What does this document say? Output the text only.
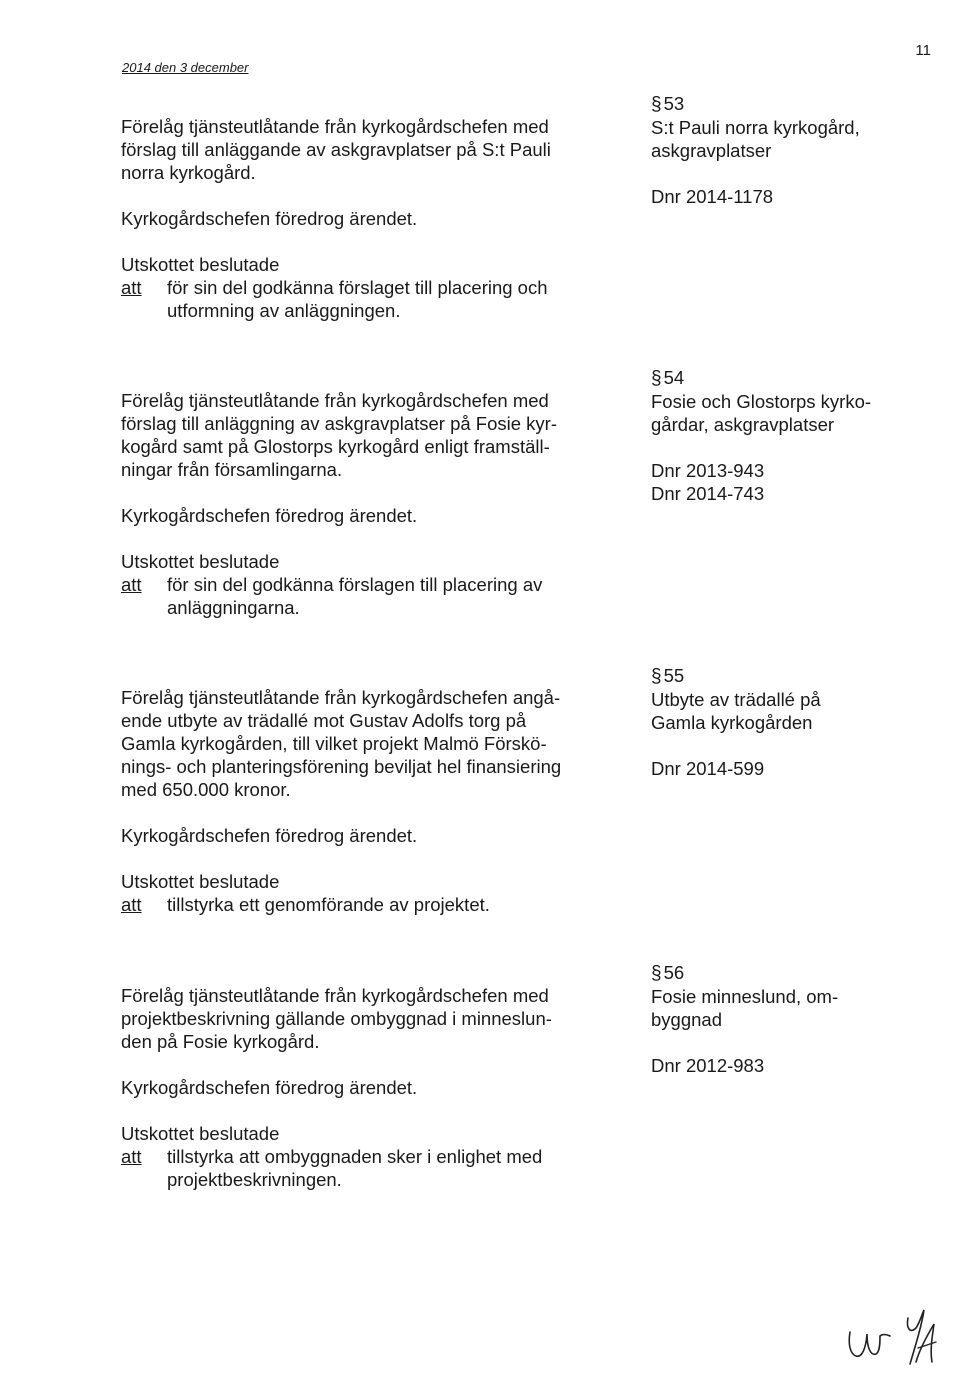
2014 den 3 december
11

§ 53

S:t Pauli norra kyrkogård,

askgravplatser

Dnr 2014-1178

Förelåg tjänsteutlåtande från kyrkogårdschefen med

förslag till anläggande av askgravplatser på S:t Pauli

norra kyrkogård.

Kyrkogårdschefen föredrog ärendet.

Utskottet beslutade

att	för sin del godkänna förslaget till placering och

utformning av anläggningen.

§ 54

Fosie och Glostorps kyrko-

gårdar, askgravplatser

Dnr 2013-943

Dnr 2014-743

Förelåg tjänsteutlåtande från kyrkogårdschefen med

förslag till anläggning av askgravplatser på Fosie kyr-

kogård samt på Glostorps kyrkogård enligt framställ-

ningar från församlingarna.

Kyrkogårdschefen föredrog ärendet.

Utskottet beslutade

att	för sin del godkänna förslagen till placering av

anläggningarna.

§ 55

Utbyte av trädallé på

Gamla kyrkogården

Dnr 2014-599

Förelåg tjänsteutlåtande från kyrkogårdschefen angå-

ende utbyte av trädallé mot Gustav Adolfs torg på

Gamla kyrkogården, till vilket projekt Malmö Förskö-

nings- och planteringsförening beviljat hel finansiering

med 650.000 kronor.

Kyrkogårdschefen föredrog ärendet.

Utskottet beslutade

att	tillstyrka ett genomförande av projektet.

§ 56

Fosie minneslund, om-

byggnad

Dnr 2012-983

Förelåg tjänsteutlåtande från kyrkogårdschefen med

projektbeskrivning gällande ombyggnad i minneslun-

den på Fosie kyrkogård.

Kyrkogårdschefen föredrog ärendet.

Utskottet beslutade

att	tillstyrka att ombyggnaden sker i enlighet med

projektbeskrivningen.
